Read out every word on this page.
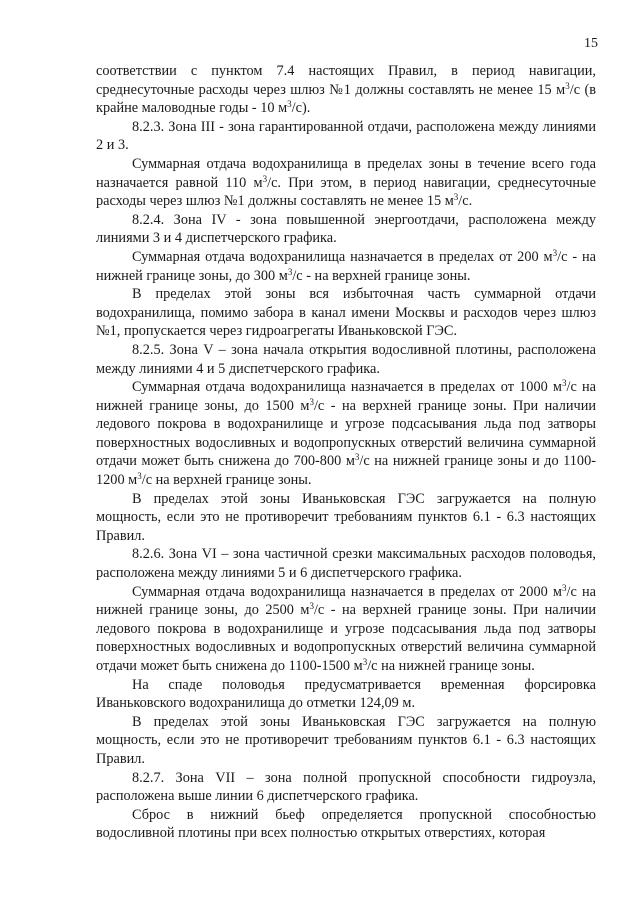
15

соответствии с пунктом 7.4 настоящих Правил, в период навигации, среднесуточные расходы через шлюз №1 должны составлять не менее 15 $м^3/с$ (в крайне маловодные годы - 10 $м^3/с$).

8.2.3. Зона III - зона гарантированной отдачи, расположена между линиями 2 и 3.

Суммарная отдача водохранилища в пределах зоны в течение всего года назначается равной 110 $м^3/с$. При этом, в период навигации, среднесуточные расходы через шлюз №1 должны составлять не менее 15 $м^3/с$.

8.2.4. Зона IV - зона повышенной энергоотдачи, расположена между линиями 3 и 4 диспетчерского графика.

Суммарная отдача водохранилища назначается в пределах от 200 $м^3/с$ - на нижней границе зоны, до 300 $м^3/с$ - на верхней границе зоны.

В пределах этой зоны вся избыточная часть суммарной отдачи водохранилища, помимо забора в канал имени Москвы и расходов через шлюз №1, пропускается через гидроагрегаты Иваньковской ГЭС.

8.2.5. Зона V – зона начала открытия водосливной плотины, расположена между линиями 4 и 5 диспетчерского графика.

Суммарная отдача водохранилища назначается в пределах от 1000 $м^3/с$ на нижней границе зоны, до 1500 $м^3/с$ - на верхней границе зоны. При наличии ледового покрова в водохранилище и угрозе подсасывания льда под затворы поверхностных водосливных и водопропускных отверстий величина суммарной отдачи может быть снижена до 700-800 $м^3/с$ на нижней границе зоны и до 1100-1200 $м^3/с$ на верхней границе зоны.

В пределах этой зоны Иваньковская ГЭС загружается на полную мощность, если это не противоречит требованиям пунктов 6.1 - 6.3 настоящих Правил.

8.2.6. Зона VI – зона частичной срезки максимальных расходов половодья, расположена между линиями 5 и 6 диспетчерского графика.

Суммарная отдача водохранилища назначается в пределах от 2000 $м^3/с$ на нижней границе зоны, до 2500 $м^3/с$ - на верхней границе зоны. При наличии ледового покрова в водохранилище и угрозе подсасывания льда под затворы поверхностных водосливных и водопропускных отверстий величина суммарной отдачи может быть снижена до 1100-1500 $м^3/с$ на нижней границе зоны.

На спаде половодья предусматривается временная форсировка Иваньковского водохранилища до отметки 124,09 м.

В пределах этой зоны Иваньковская ГЭС загружается на полную мощность, если это не противоречит требованиям пунктов 6.1 - 6.3 настоящих Правил.

8.2.7. Зона VII – зона полной пропускной способности гидроузла, расположена выше линии 6 диспетчерского графика.

Сброс в нижний бьеф определяется пропускной способностью водосливной плотины при всех полностью открытых отверстиях, которая
